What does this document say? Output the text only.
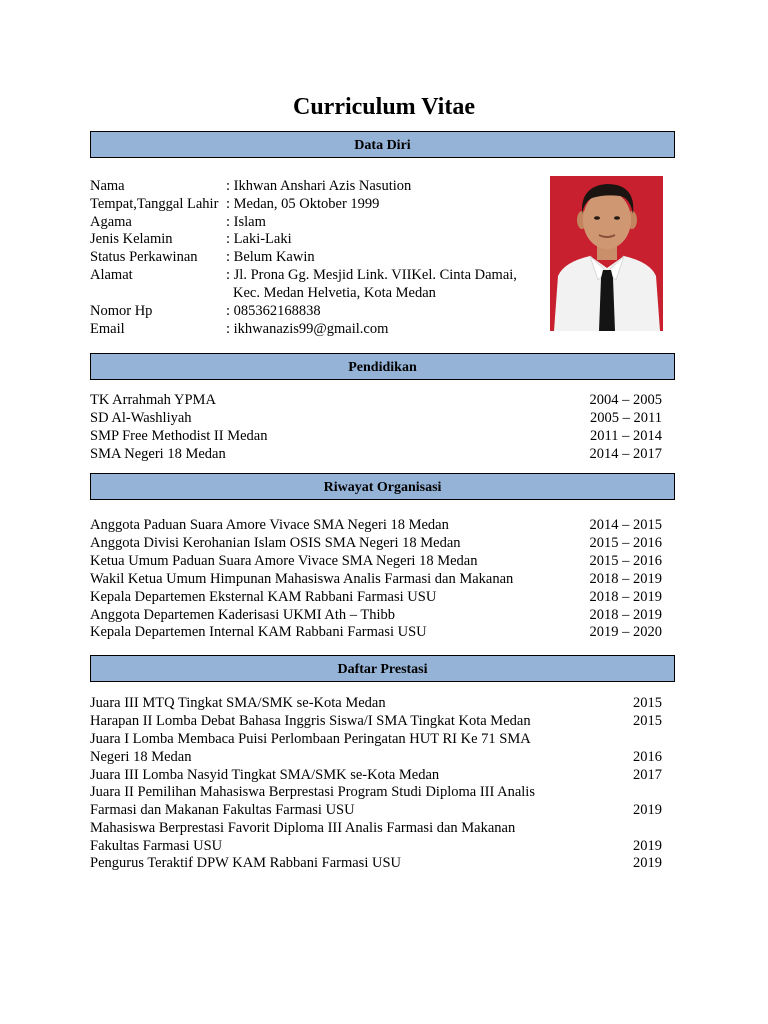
Curriculum Vitae
Data Diri
Nama	: Ikhwan Anshari Azis Nasution
Tempat,Tanggal Lahir : Medan, 05 Oktober 1999
Agama	: Islam
Jenis Kelamin	: Laki-Laki
Status Perkawinan : Belum Kawin
Alamat	: Jl. Prona Gg. Mesjid Link. VIIKel. Cinta Damai,
Kec. Medan Helvetia, Kota Medan
Nomor Hp	: 085362168838
Email	: ikhwanazis99@gmail.com
Pendidikan
TK Arrahmah YPMA	2004 – 2005
SD Al-Washliyah	2005 – 2011
SMP Free Methodist II Medan	2011 – 2014
SMA Negeri 18 Medan	2014 – 2017
Riwayat Organisasi
Anggota Paduan Suara Amore Vivace SMA Negeri 18 Medan	2014 – 2015
Anggota Divisi Kerohanian Islam OSIS SMA Negeri 18 Medan	2015 – 2016
Ketua Umum Paduan Suara Amore Vivace SMA Negeri 18 Medan	2015 – 2016
Wakil Ketua Umum Himpunan Mahasiswa Analis Farmasi dan Makanan	2018 – 2019
Kepala Departemen Eksternal KAM Rabbani Farmasi USU	2018 – 2019
Anggota Departemen Kaderisasi UKMI Ath – Thibb	2018 – 2019
Kepala Departemen Internal KAM Rabbani Farmasi USU	2019 – 2020
Daftar Prestasi
Juara III MTQ Tingkat SMA/SMK se-Kota Medan	2015
Harapan II Lomba Debat Bahasa Inggris Siswa/I SMA Tingkat Kota Medan	2015
Juara I Lomba Membaca Puisi Perlombaan Peringatan HUT RI Ke 71 SMA
Negeri 18 Medan	2016
Juara III Lomba Nasyid Tingkat SMA/SMK se-Kota Medan	2017
Juara II Pemilihan Mahasiswa Berprestasi Program Studi Diploma III Analis
Farmasi dan Makanan Fakultas Farmasi USU	2019
Mahasiswa Berprestasi Favorit Diploma III Analis Farmasi dan Makanan
Fakultas Farmasi USU	2019
Pengurus Teraktif DPW KAM Rabbani Farmasi USU	2019
